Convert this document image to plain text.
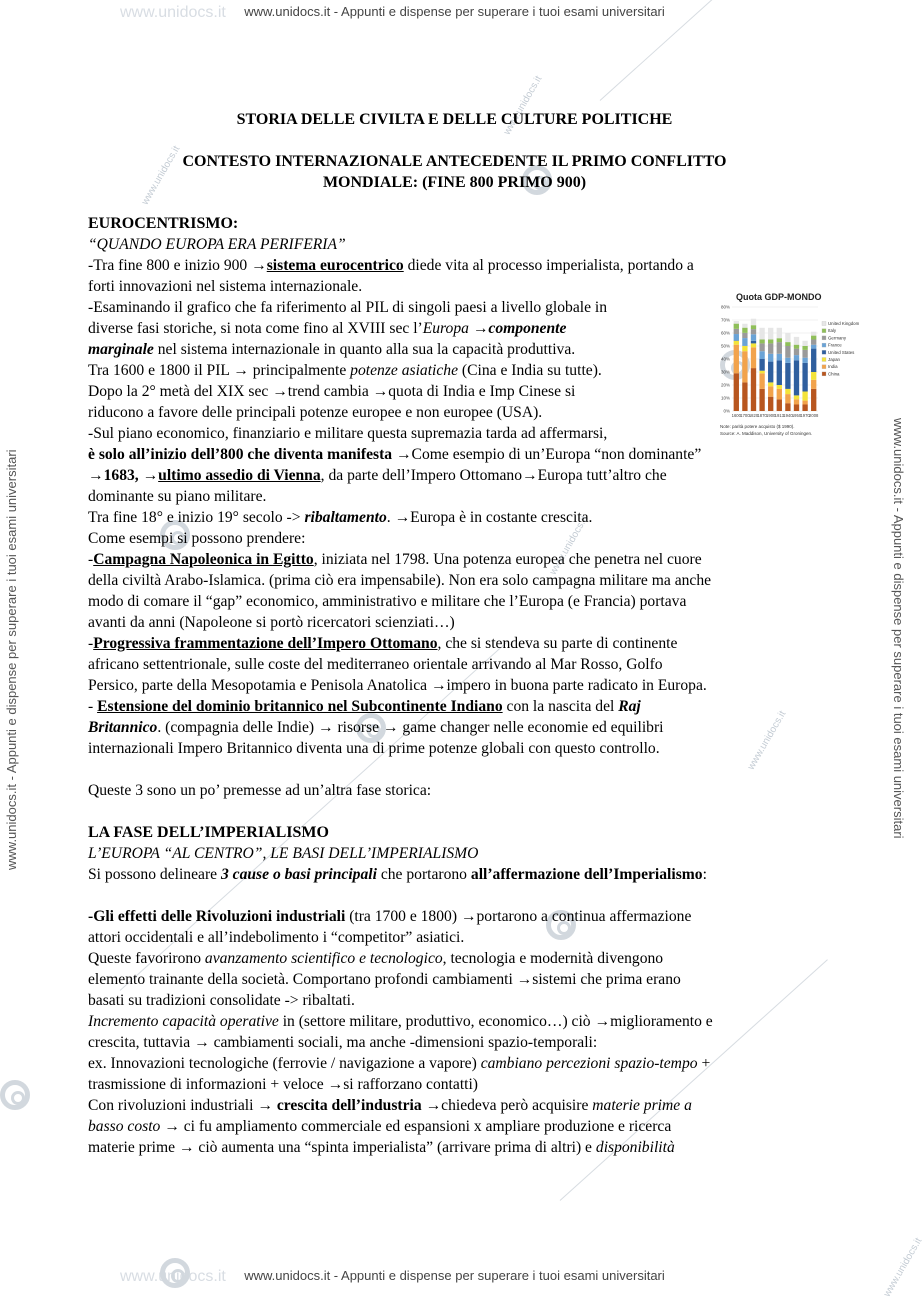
www.unidocs.it - Appunti e dispense per superare i tuoi esami universitari
www.unidocs.it - Appunti e dispense per superare i tuoi esami universitari
www.unidocs.it
www.unidocs.it
www.unidocs.it - Appunti e dispense per superare i tuoi esami universitari	www.unidocs.it - Appunti e dispense per superare i tuoi esami universitari
www.unidocs.it
www.unidocs.it
www.unidocs.it
www.unidocs.it
www.unidocs.it
STORIA DELLE CIVILTA E DELLE CULTURE POLITICHE
CONTESTO INTERNAZIONALE ANTECEDENTE IL PRIMO CONFLITTO
MONDIALE: (FINE 800 PRIMO 900)
Quota GDP-MONDO
0%
10%
20%
30%
40%
50%
60%
70%
80%
1600 1700 1820 1870 1900 1913 1940 1950 1970 2008
United Kingdom
Italy
Germany
France
United States
Japan
India
China
Note: parità potere acquisto ($ 1990).
Source: A. Maddison, University of Groningen.

EUROCENTRISMO:

“QUANDO EUROPA ERA PERIFERIA”

-Tra fine 800 e inizio 900 →sistema eurocentrico diede vita al processo imperialista, portando a

forti innovazioni nel sistema internazionale.

-Esaminando il grafico che fa riferimento al PIL di singoli paesi a livello globale in

diverse fasi storiche, si nota come fino al XVIII sec l’Europa →componente

marginale nel sistema internazionale in quanto alla sua la capacità produttiva.

Tra 1600 e 1800 il PIL → principalmente potenze asiatiche (Cina e India su tutte).

Dopo la 2° metà del XIX sec →trend cambia →quota di India e Imp Cinese si

riducono a favore delle principali potenze europee e non europee (USA).

-Sul piano economico, finanziario e militare questa supremazia tarda ad affermarsi,

è solo all’inizio dell’800 che diventa manifesta →Come esempio di un’Europa “non dominante”

→1683, →ultimo assedio di Vienna, da parte dell’Impero Ottomano→Europa tutt’altro che

dominante su piano militare.

Tra fine 18° e inizio 19° secolo -> ribaltamento. →Europa è in costante crescita.

Come esempi si possono prendere:

-Campagna Napoleonica in Egitto, iniziata nel 1798. Una potenza europea che penetra nel cuore

della civiltà Arabo-Islamica. (prima ciò era impensabile). Non era solo campagna militare ma anche

modo di comare il “gap” economico, amministrativo e militare che l’Europa (e Francia) portava

avanti da anni (Napoleone si portò ricercatori scienziati…)

-Progressiva frammentazione dell’Impero Ottomano, che si stendeva su parte di continente

africano settentrionale, sulle coste del mediterraneo orientale arrivando al Mar Rosso, Golfo

Persico, parte della Mesopotamia e Penisola Anatolica →impero in buona parte radicato in Europa.

- Estensione del dominio britannico nel Subcontinente Indiano con la nascita del Raj

Britannico. (compagnia delle Indie) → risorse → game changer nelle economie ed equilibri

internazionali Impero Britannico diventa una di prime potenze globali con questo controllo.

Queste 3 sono un po’ premesse ad un’altra fase storica:

LA FASE DELL’IMPERIALISMO

L’EUROPA “AL CENTRO”, LE BASI DELL’IMPERIALISMO

Si possono delineare 3 cause o basi principali che portarono all’affermazione dell’Imperialismo:

-Gli effetti delle Rivoluzioni industriali (tra 1700 e 1800) →portarono a continua affermazione

attori occidentali e all’indebolimento i “competitor” asiatici.

Queste favorirono avanzamento scientifico e tecnologico, tecnologia e modernità divengono

elemento trainante della società. Comportano profondi cambiamenti →sistemi che prima erano

basati su tradizioni consolidate -> ribaltati.

Incremento capacità operative in (settore militare, produttivo, economico…) ciò →miglioramento e

crescita, tuttavia → cambiamenti sociali, ma anche -dimensioni spazio-temporali:

ex. Innovazioni tecnologiche (ferrovie / navigazione a vapore) cambiano percezioni spazio-tempo +

trasmissione di informazioni + veloce →si rafforzano contatti)

Con rivoluzioni industriali → crescita dell’industria →chiedeva però acquisire materie prime a

basso costo → ci fu ampliamento commerciale ed espansioni x ampliare produzione e ricerca

materie prime → ciò aumenta una “spinta imperialista” (arrivare prima di altri) e disponibilità
